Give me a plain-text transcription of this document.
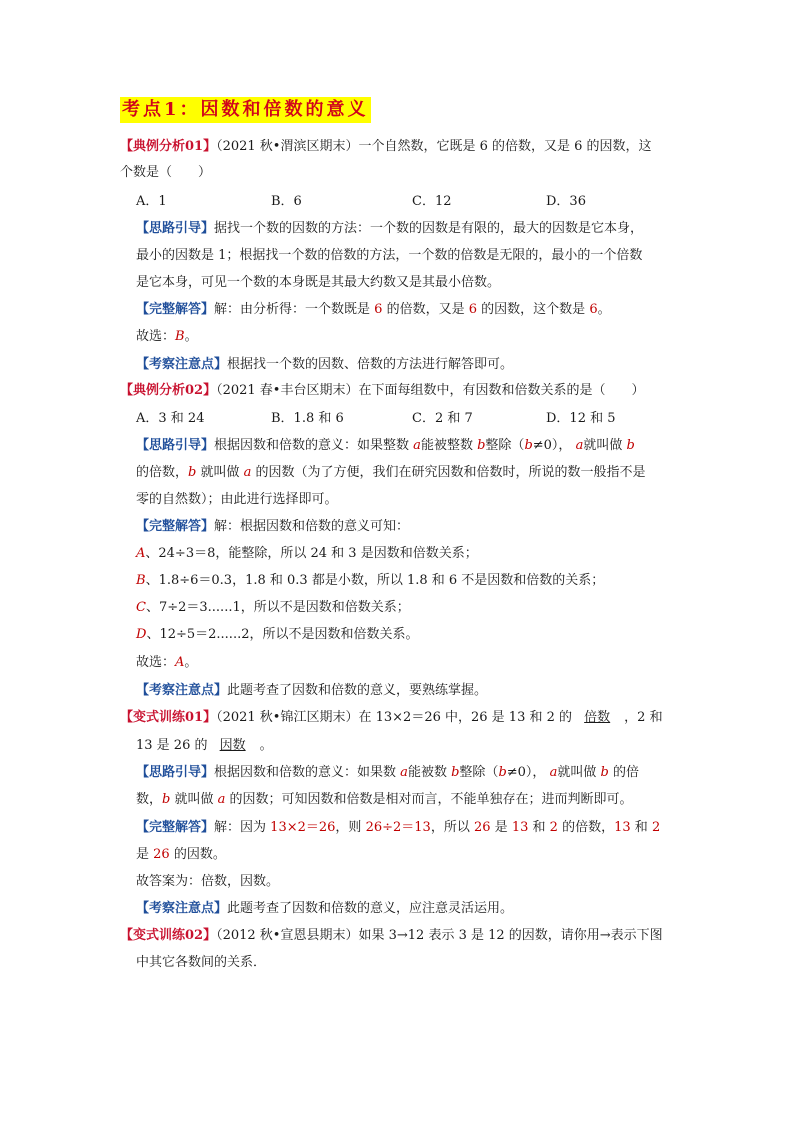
考点1：因数和倍数的意义
【典例分析01】（2021 秋•渭滨区期末）一个自然数，它既是 6 的倍数，又是 6 的因数，这
个数是（　　）
A．1	B．6	C．12	D．36
【思路引导】据找一个数的因数的方法：一个数的因数是有限的，最大的因数是它本身，
最小的因数是 1；根据找一个数的倍数的方法，一个数的倍数是无限的，最小的一个倍数
是它本身，可见一个数的本身既是其最大约数又是其最小倍数。
【完整解答】解：由分析得：一个数既是 6 的倍数，又是 6 的因数，这个数是 6。
故选：B。
【考察注意点】根据找一个数的因数、倍数的方法进行解答即可。
【典例分析02】（2021 春•丰台区期末）在下面每组数中，有因数和倍数关系的是（　　）
A．3 和 24	B．1.8 和 6	C．2 和 7	D．12 和 5
【思路引导】根据因数和倍数的意义：如果整数 a能被整数 b整除（b≠0）， a就叫做 b
的倍数，b 就叫做 a 的因数（为了方便，我们在研究因数和倍数时，所说的数一般指不是
零的自然数）；由此进行选择即可。
【完整解答】解：根据因数和倍数的意义可知：
A、24÷3＝8，能整除，所以 24 和 3 是因数和倍数关系；
B、1.8÷6＝0.3，1.8 和 0.3 都是小数，所以 1.8 和 6 不是因数和倍数的关系；
C、7÷2＝3......1，所以不是因数和倍数关系；
D、12÷5＝2......2，所以不是因数和倍数关系。
故选：A。
【考察注意点】此题考查了因数和倍数的意义，要熟练掌握。
【变式训练01】（2021 秋•锦江区期末）在 13×2＝26 中，26 是 13 和 2 的 倍数 ，2 和
13 是 26 的 因数 。
【思路引导】根据因数和倍数的意义：如果数 a能被数 b整除（b≠0）， a就叫做 b 的倍
数，b 就叫做 a 的因数；可知因数和倍数是相对而言，不能单独存在；进而判断即可。
【完整解答】解：因为 13×2＝26，则 26÷2＝13，所以 26 是 13 和 2 的倍数，13 和 2
是 26 的因数。
故答案为：倍数，因数。
【考察注意点】此题考查了因数和倍数的意义，应注意灵活运用。
【变式训练02】（2012 秋•宣恩县期末）如果 3→12 表示 3 是 12 的因数，请你用→表示下图
中其它各数间的关系．
